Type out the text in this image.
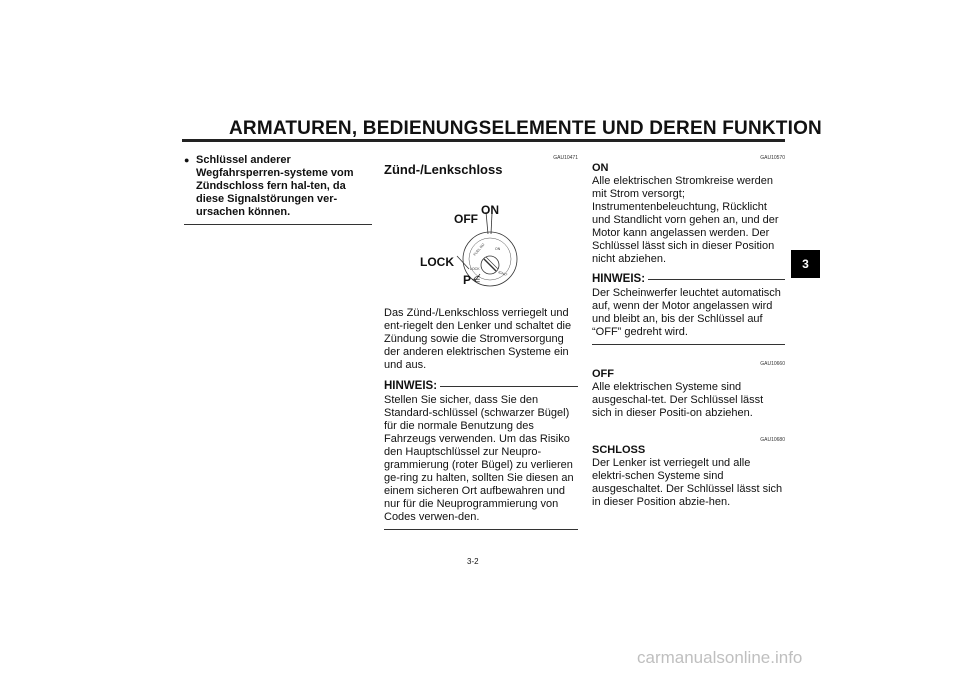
ARMATUREN, BEDIENUNGSELEMENTE UND DEREN FUNKTION
3
● Schlüssel anderer Wegfahrsperren-systeme vom Zündschloss fern hal-ten, da diese Signalstörungen ver-ursachen können.
GAU10471
Zünd-/Lenkschloss
FUEL INJ	ON
IGNIT
LOCK
OFF
ON
LOCK
P ⋲
Das Zünd-/Lenkschloss verriegelt und ent-riegelt den Lenker und schaltet die Zündung sowie die Stromversorgung der anderen elektrischen Systeme ein und aus.
HINWEIS:
Stellen Sie sicher, dass Sie den Standard-schlüssel (schwarzer Bügel) für die normale Benutzung des Fahrzeugs verwenden. Um das Risiko den Hauptschlüssel zur Neupro-grammierung (roter Bügel) zu verlieren ge-ring zu halten, sollten Sie diesen an einem sicheren Ort aufbewahren und nur für die Neuprogrammierung von Codes verwen-den.
GAU10570
ON
Alle elektrischen Stromkreise werden mit Strom versorgt; Instrumentenbeleuchtung, Rücklicht und Standlicht vorn gehen an, und der Motor kann angelassen werden. Der Schlüssel lässt sich in dieser Position nicht abziehen.
HINWEIS:
Der Scheinwerfer leuchtet automatisch auf, wenn der Motor angelassen wird und bleibt an, bis der Schlüssel auf “OFF” gedreht wird.
GAU10660
OFF
Alle elektrischen Systeme sind ausgeschal-tet. Der Schlüssel lässt sich in dieser Positi-on abziehen.
GAU10680
SCHLOSS
Der Lenker ist verriegelt und alle elektri-schen Systeme sind ausgeschaltet. Der Schlüssel lässt sich in dieser Position abzie-hen.
3-2
carmanualsonline.info
